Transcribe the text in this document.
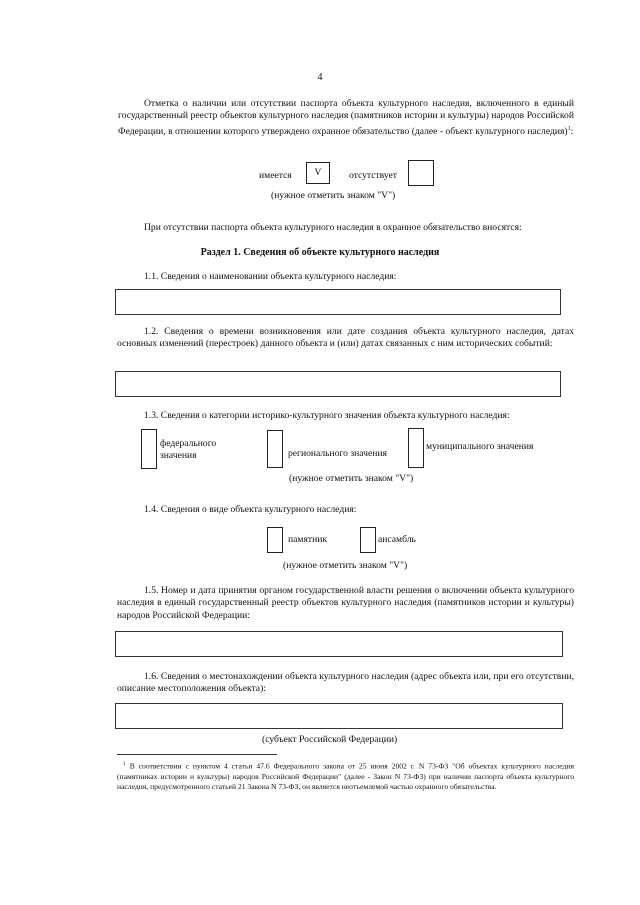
4
Отметка о наличии или отсутствии паспорта объекта культурного наследия, включенного в единый государственный реестр объектов культурного наследия (памятников истории и культуры) народов Российской Федерации, в отношении которого утверждено охранное обязательство (далее - объект культурного наследия)$^1$:
имеется	V	отсутствует
(нужное отметить знаком "V")
При отсутствии паспорта объекта культурного наследия в охранное обязательство вносятся:
Раздел 1. Сведения об объекте культурного наследия
1.1. Сведения о наименовании объекта культурного наследия:
1.2. Сведения о времени возникновения или дате создания объекта культурного наследия, датах основных изменений (перестроек) данного объекта и (или) датах связанных с ним исторических событий:
1.3. Сведения о категории историко-культурного значения объекта культурного наследия:
федерального значения	регионального значения
муниципального значения
(нужное отметить знаком "V")
1.4. Сведения о виде объекта культурного наследия:
памятник	ансамбль
(нужное отметить знаком "V")
1.5. Номер и дата принятия органом государственной власти решения о включении объекта культурного наследия в единый государственный реестр объектов культурного наследия (памятников истории и культуры) народов Российской Федерации:
1.6. Сведения о местонахождении объекта культурного наследия (адрес объекта или, при его отсутствии, описание местоположения объекта):
(субъект Российской Федерации)
$^1$ В соответствии с пунктом 4 статьи 47.6 Федерального закона от 25 июня 2002 г. N 73-ФЗ "Об объектах культурного наследия (памятниках истории и культуры) народов Российской Федерации" (далее - Закон N 73-ФЗ) при наличии паспорта объекта культурного наследия, предусмотренного статьей 21 Закона N 73-ФЗ, он является неотъемлемой частью охранного обязательства.
